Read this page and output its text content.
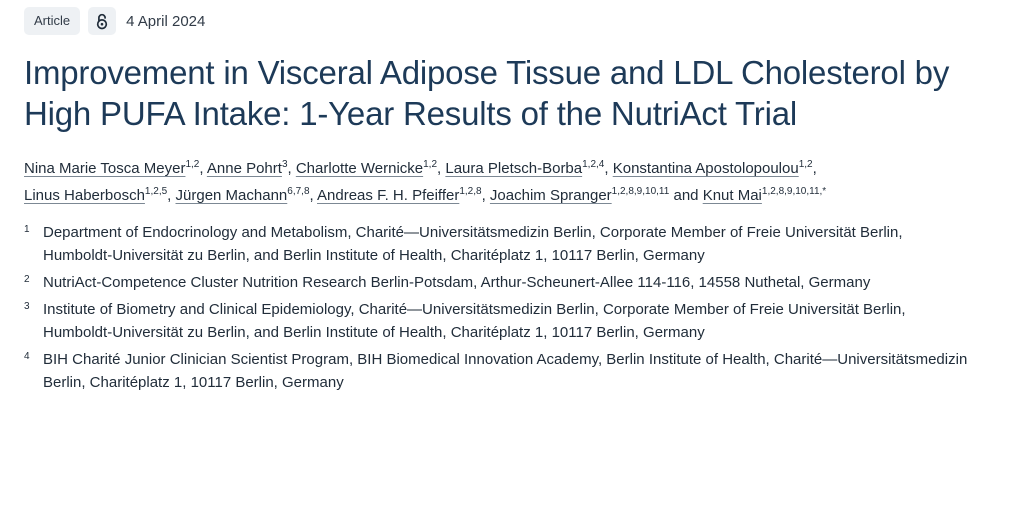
Article	4 April 2024
Improvement in Visceral Adipose Tissue and LDL Cholesterol by High PUFA Intake: 1-Year Results of the NutriAct Trial
Nina Marie Tosca Meyer$^{1,2}$, Anne Pohrt$^3$, Charlotte Wernicke$^{1,2}$, Laura Pletsch-Borba$^{1,2,4}$, Konstantina Apostolopoulou$^{1,2}$,
Linus Haberbosch$^{1,2,5}$, Jürgen Machann$^{6,7,8}$, Andreas F. H. Pfeiffer$^{1,2,8}$, Joachim Spranger$^{1,2,8,9,10,11}$ and Knut Mai$^{1,2,8,9,10,11,*}$
1 Department of Endocrinology and Metabolism, Charité—Universitätsmedizin Berlin, Corporate Member of Freie Universität Berlin, Humboldt-Universität zu Berlin, and Berlin Institute of Health, Charitéplatz 1, 10117 Berlin, Germany
2 NutriAct-Competence Cluster Nutrition Research Berlin-Potsdam, Arthur-Scheunert-Allee 114-116, 14558 Nuthetal, Germany
3 Institute of Biometry and Clinical Epidemiology, Charité—Universitätsmedizin Berlin, Corporate Member of Freie Universität Berlin, Humboldt-Universität zu Berlin, and Berlin Institute of Health, Charitéplatz 1, 10117 Berlin, Germany
4 BIH Charité Junior Clinician Scientist Program, BIH Biomedical Innovation Academy, Berlin Institute of Health, Charité—Universitätsmedizin Berlin, Charitéplatz 1, 10117 Berlin, Germany
